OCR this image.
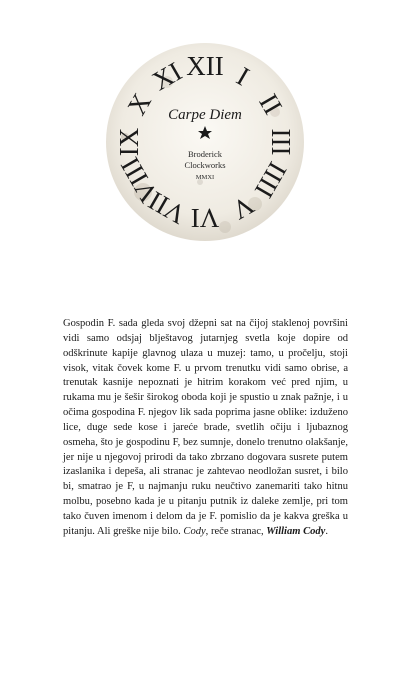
XII I
II
III
IIII
V
VI
VII
VIII
IX
X
XI
Carpe Diem
Broderick
Clockworks
MMXI

Gospodin F. sada gleda svoj džepni sat na čijoj staklenoj površini vidi samo odsjaj blještavog jutarnjeg svetla koje dopire od odškrinute kapije glavnog ulaza u muzej: tamo, u pročelju, stoji visok, vitak čovek kome F. u prvom trenutku vidi samo obrise, a trenutak kasnije nepoznati je hitrim korakom već pred njim, u rukama mu je šešir širokog oboda koji je spustio u znak pažnje, i u očima gospodina F. njegov lik sada poprima jasne oblike: izduženo lice, duge sede kose i jareće brade, svetlih očiju i ljubaznog osmeha, što je gospodinu F, bez sumnje, donelo trenutno olakšanje, jer nije u njegovoj prirodi da tako zbrzano dogovara susrete putem izaslanika i depeša, ali stranac je zahtevao neodložan susret, i bilo bi, smatrao je F, u najmanju ruku neučtivo zanemariti tako hitnu molbu, posebno kada je u pitanju putnik iz daleke zemlje, pri tom tako čuven imenom i delom da je F. pomislio da je kakva greška u pitanju. Ali greške nije bilo. Cody, reče stranac, William Cody.
